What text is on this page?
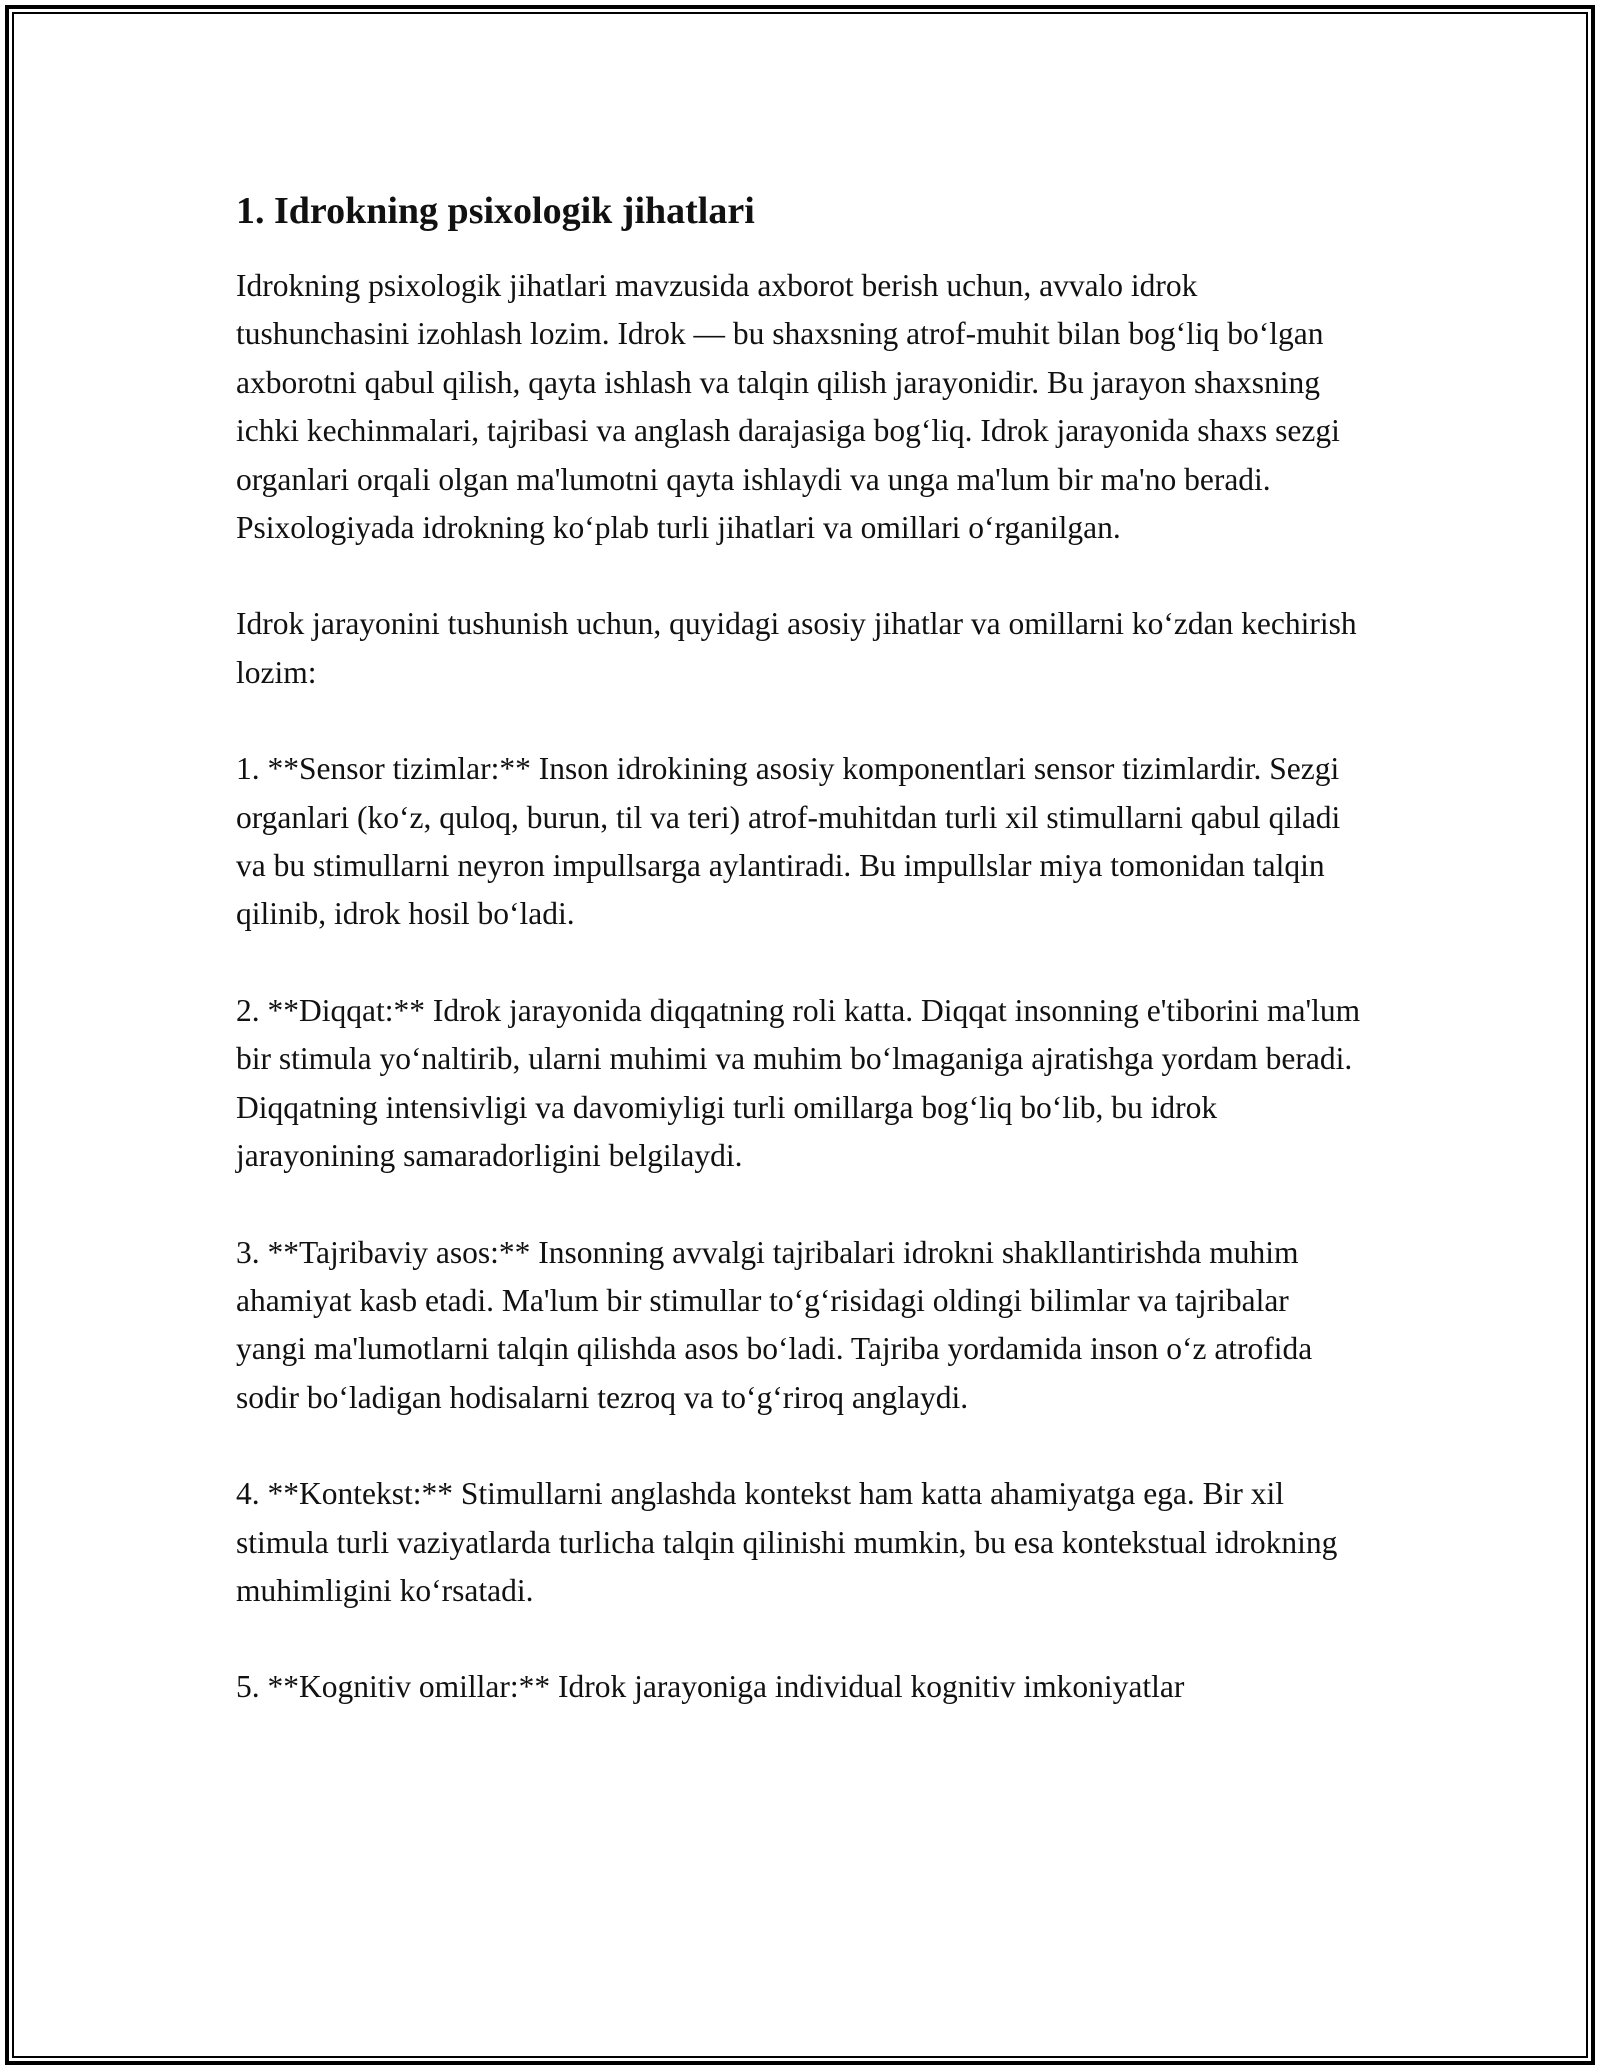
1. Idrokning psixologik jihatlari

Idrokning psixologik jihatlari mavzusida axborot berish uchun, avvalo idrok tushunchasini izohlash lozim. Idrok — bu shaxsning atrof-muhit bilan bog‘liq bo‘lgan axborotni qabul qilish, qayta ishlash va talqin qilish jarayonidir. Bu jarayon shaxsning ichki kechinmalari, tajribasi va anglash darajasiga bog‘liq. Idrok jarayonida shaxs sezgi organlari orqali olgan ma'lumotni qayta ishlaydi va unga ma'lum bir ma'no beradi. Psixologiyada idrokning ko‘plab turli jihatlari va omillari o‘rganilgan.

Idrok jarayonini tushunish uchun, quyidagi asosiy jihatlar va omillarni ko‘zdan kechirish lozim:

1. **Sensor tizimlar:** Inson idrokining asosiy komponentlari sensor tizimlardir. Sezgi organlari (ko‘z, quloq, burun, til va teri) atrof-muhitdan turli xil stimullarni qabul qiladi va bu stimullarni neyron impullsarga aylantiradi. Bu impullslar miya tomonidan talqin qilinib, idrok hosil bo‘ladi.

2. **Diqqat:** Idrok jarayonida diqqatning roli katta. Diqqat insonning e'tiborini ma'lum bir stimula yo‘naltirib, ularni muhimi va muhim bo‘lmaganiga ajratishga yordam beradi. Diqqatning intensivligi va davomiyligi turli omillarga bog‘liq bo‘lib, bu idrok jarayonining samaradorligini belgilaydi.

3. **Tajribaviy asos:** Insonning avvalgi tajribalari idrokni shakllantirishda muhim ahamiyat kasb etadi. Ma'lum bir stimullar to‘g‘risidagi oldingi bilimlar va tajribalar yangi ma'lumotlarni talqin qilishda asos bo‘ladi. Tajriba yordamida inson o‘z atrofida sodir bo‘ladigan hodisalarni tezroq va to‘g‘riroq anglaydi.

4. **Kontekst:** Stimullarni anglashda kontekst ham katta ahamiyatga ega. Bir xil stimula turli vaziyatlarda turlicha talqin qilinishi mumkin, bu esa kontekstual idrokning muhimligini ko‘rsatadi.

5. **Kognitiv omillar:** Idrok jarayoniga individual kognitiv imkoniyatlar
